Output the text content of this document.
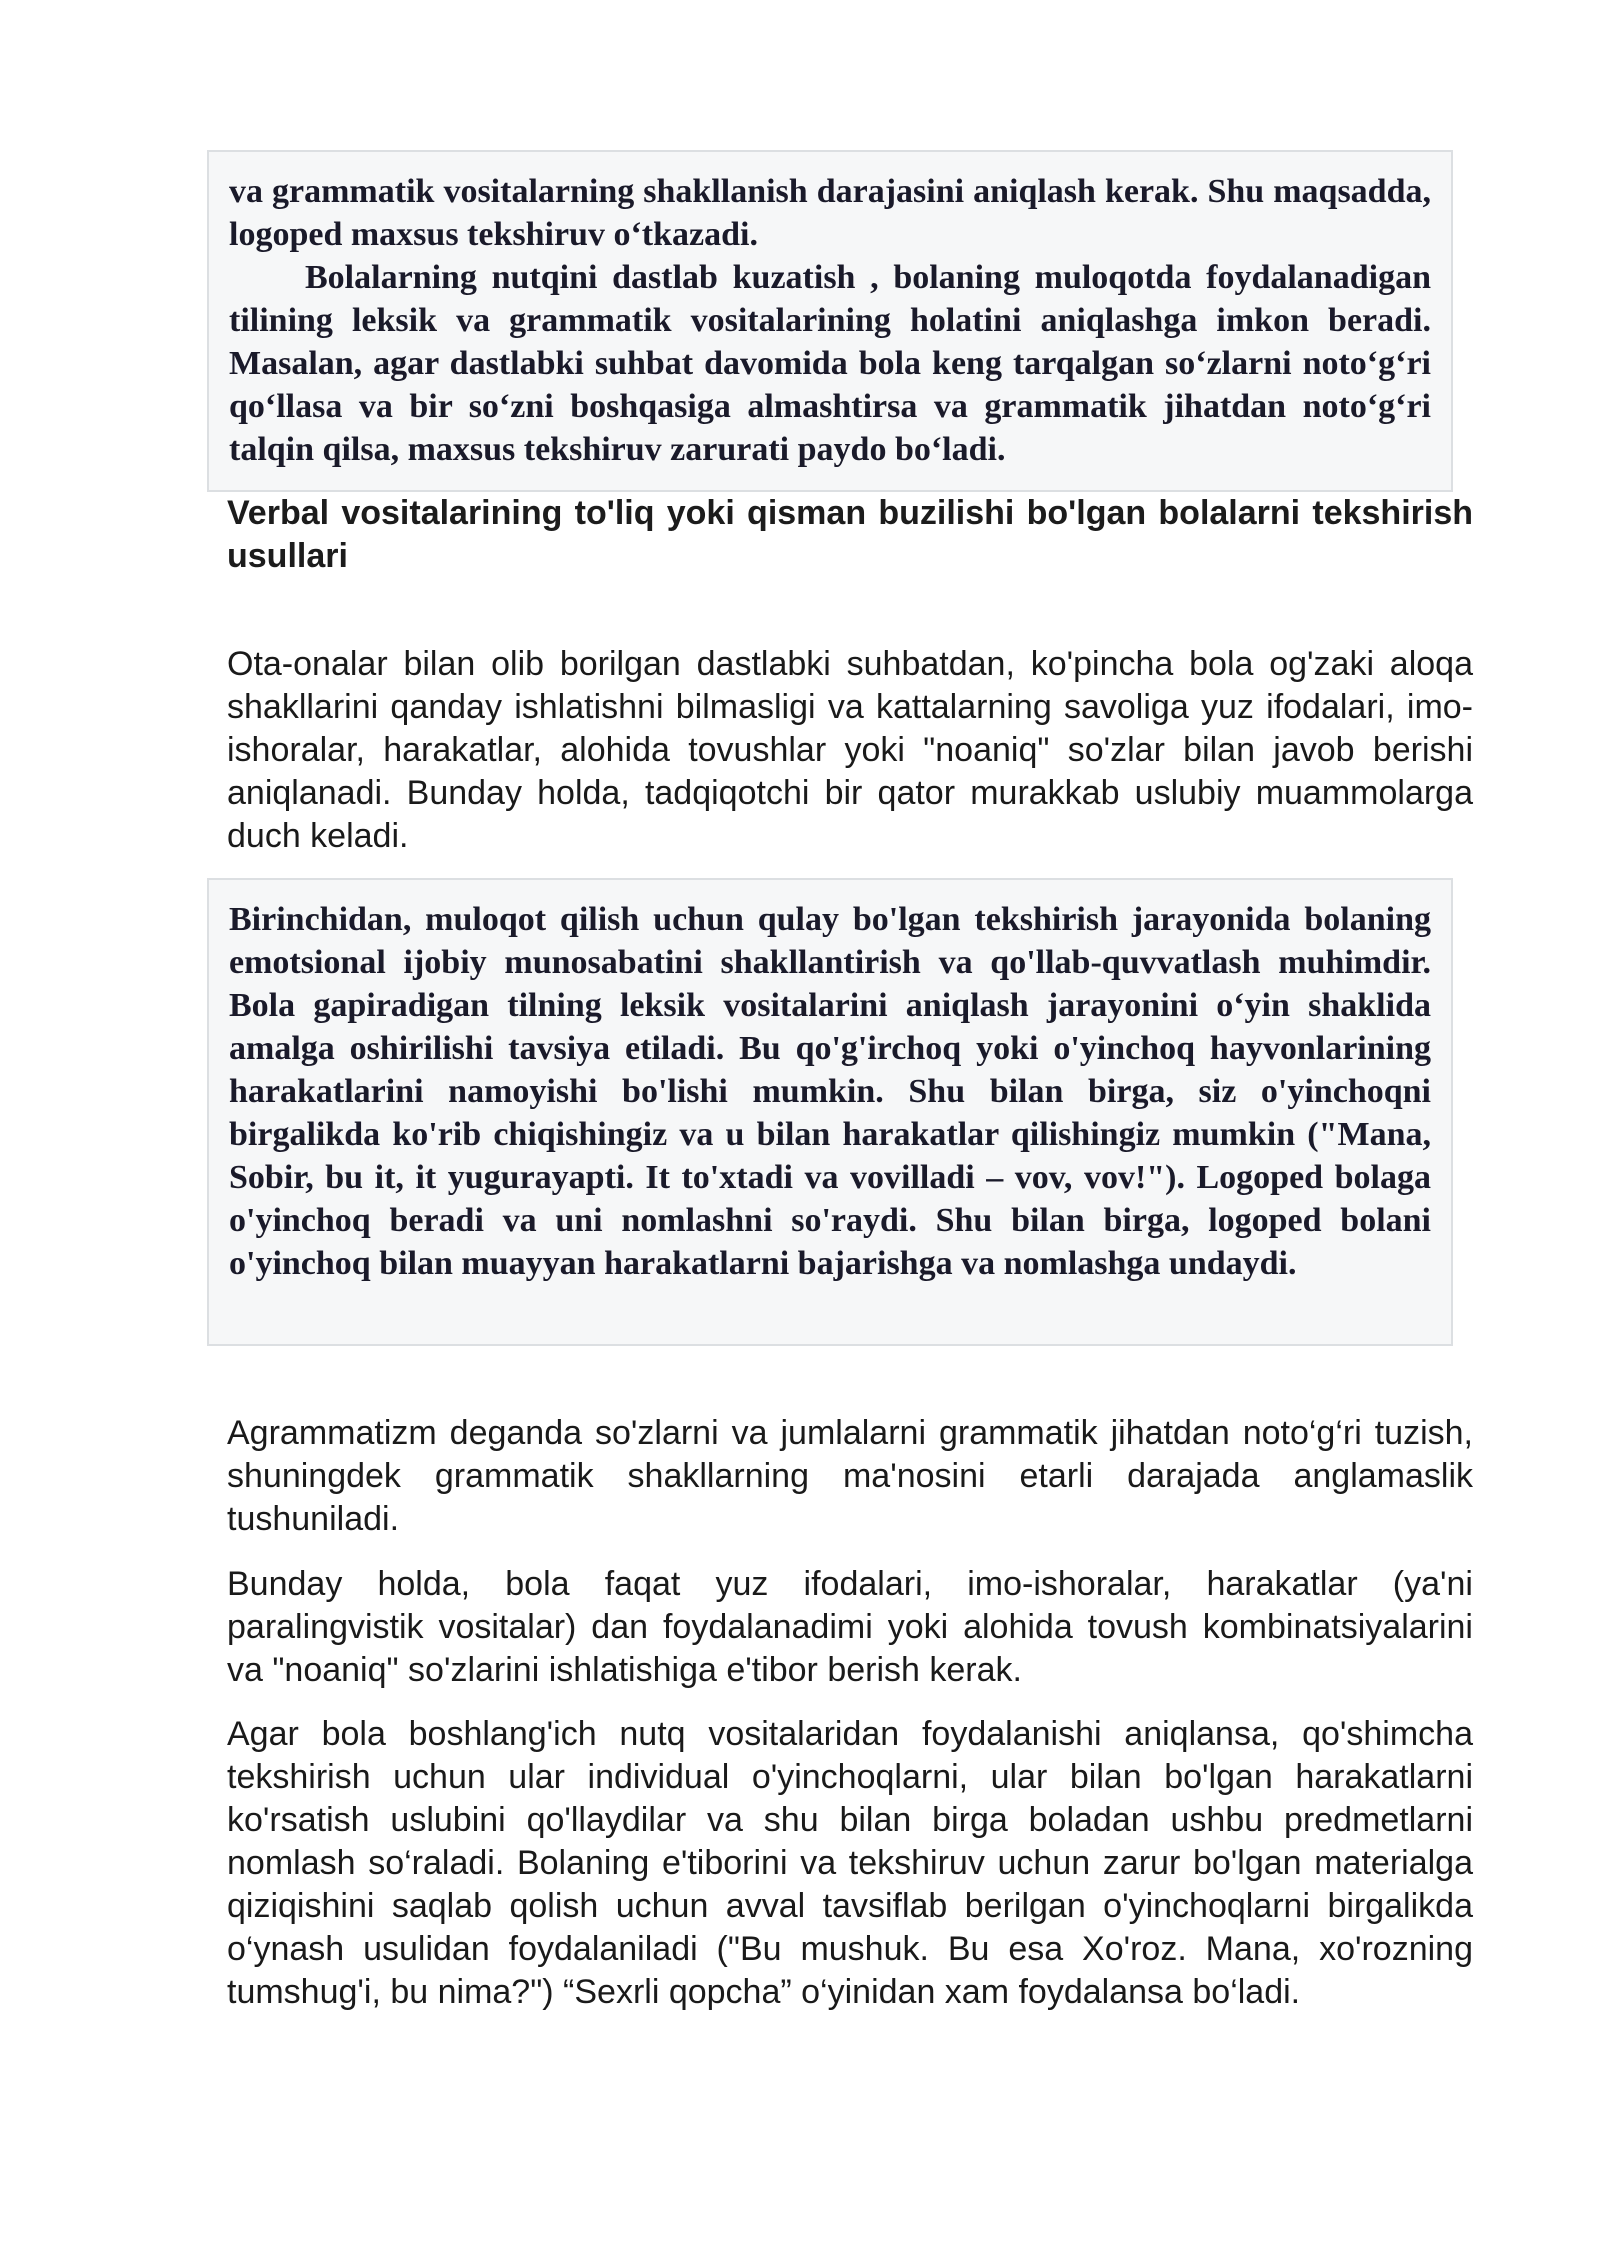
va grammatik vositalarning shakllanish darajasini aniqlash kerak. Shu maqsadda, logoped maxsus tekshiruv o‘tkazadi.

Bolalarning nutqini dastlab kuzatish , bolaning muloqotda foydalanadigan tilining leksik va grammatik vositalarining holatini aniqlashga imkon beradi. Masalan, agar dastlabki suhbat davomida bola keng tarqalgan so‘zlarni noto‘g‘ri qo‘llasa va bir so‘zni boshqasiga almashtirsa va grammatik jihatdan noto‘g‘ri talqin qilsa, maxsus tekshiruv zarurati paydo bo‘ladi.

Verbal vositalarining to'liq yoki qisman buzilishi bo'lgan bolalarni tekshirish usullari

Ota-onalar bilan olib borilgan dastlabki suhbatdan, ko'pincha bola og'zaki aloqa shakllarini qanday ishlatishni bilmasligi va kattalarning savoliga yuz ifodalari, imo-ishoralar, harakatlar, alohida tovushlar yoki "noaniq" so'zlar bilan javob berishi aniqlanadi. Bunday holda, tadqiqotchi bir qator murakkab uslubiy muammolarga duch keladi.

Birinchidan, muloqot qilish uchun qulay bo'lgan tekshirish jarayonida bolaning emotsional ijobiy munosabatini shakllantirish va qo'llab-quvvatlash muhimdir. Bola gapiradigan tilning leksik vositalarini aniqlash jarayonini o‘yin shaklida amalga oshirilishi tavsiya etiladi. Bu qo'g'irchoq yoki o'yinchoq hayvonlarining harakatlarini namoyishi bo'lishi mumkin. Shu bilan birga, siz o'yinchoqni birgalikda ko'rib chiqishingiz va u bilan harakatlar qilishingiz mumkin ("Mana, Sobir, bu it, it yugurayapti. It to'xtadi va vovilladi – vov, vov!"). Logoped bolaga o'yinchoq beradi va uni nomlashni so'raydi. Shu bilan birga, logoped bolani o'yinchoq bilan muayyan harakatlarni bajarishga va nomlashga undaydi.

Agrammatizm deganda so'zlarni va jumlalarni grammatik jihatdan noto‘g‘ri tuzish, shuningdek grammatik shakllarning ma'nosini etarli darajada anglamaslik tushuniladi.

Bunday holda, bola faqat yuz ifodalari, imo-ishoralar, harakatlar (ya'ni paralingvistik vositalar) dan foydalanadimi yoki alohida tovush kombinatsiyalarini va "noaniq" so'zlarini ishlatishiga e'tibor berish kerak.

Agar bola boshlang'ich nutq vositalaridan foydalanishi aniqlansa, qo'shimcha tekshirish uchun ular individual o'yinchoqlarni, ular bilan bo'lgan harakatlarni ko'rsatish uslubini qo'llaydilar va shu bilan birga boladan ushbu predmetlarni nomlash so‘raladi. Bolaning e'tiborini va tekshiruv uchun zarur bo'lgan materialga qiziqishini saqlab qolish uchun avval tavsiflab berilgan o'yinchoqlarni birgalikda o‘ynash usulidan foydalaniladi ("Bu mushuk. Bu esa Xo'roz. Mana, xo'rozning tumshug'i, bu nima?") “Sexrli qopcha” o‘yinidan xam foydalansa bo‘ladi.
